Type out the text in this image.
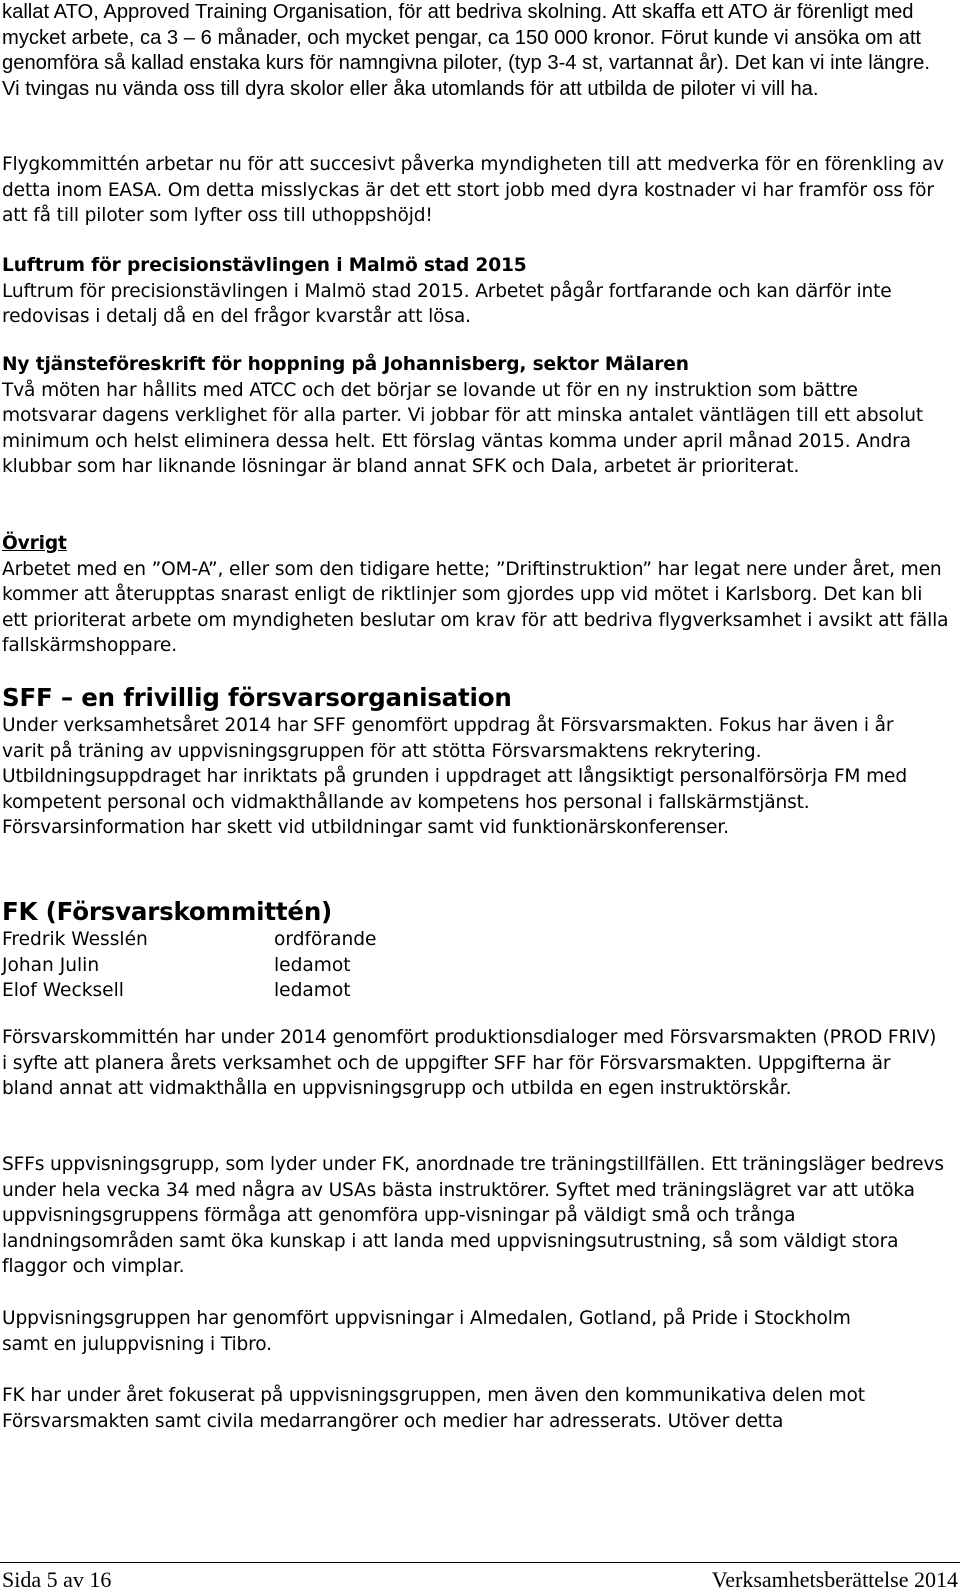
kallat ATO, Approved Training Organisation, för att bedriva skolning. Att skaffa ett ATO är förenligt med mycket arbete, ca 3 – 6 månader, och mycket pengar, ca 150 000 kronor. Förut kunde vi ansöka om att genomföra så kallad enstaka kurs för namngivna piloter, (typ 3-4 st, vartannat år). Det kan vi inte längre. Vi tvingas nu vända oss till dyra skolor eller åka utomlands för att utbilda de piloter vi vill ha.

Flygkommittén arbetar nu för att succesivt påverka myndigheten till att medverka för en förenkling av detta inom EASA. Om detta misslyckas är det ett stort jobb med dyra kostnader vi har framför oss för att få till piloter som lyfter oss till uthoppshöjd!

Luftrum för precisionstävlingen i Malmö stad 2015

Luftrum för precisionstävlingen i Malmö stad 2015. Arbetet pågår fortfarande och kan därför inte redovisas i detalj då en del frågor kvarstår att lösa.

Ny tjänsteföreskrift för hoppning på Johannisberg, sektor Mälaren

Två möten har hållits med ATCC och det börjar se lovande ut för en ny instruktion som bättre motsvarar dagens verklighet för alla parter. Vi jobbar för att minska antalet väntlägen till ett absolut minimum och helst eliminera dessa helt. Ett förslag väntas komma under april månad 2015. Andra klubbar som har liknande lösningar är bland annat SFK och Dala, arbetet är prioriterat.

Övrigt

Arbetet med en ”OM-A”, eller som den tidigare hette; ”Driftinstruktion” har legat nere under året, men kommer att återupptas snarast enligt de riktlinjer som gjordes upp vid mötet i Karlsborg. Det kan bli ett prioriterat arbete om myndigheten beslutar om krav för att bedriva flygverksamhet i avsikt att fälla fallskärmshoppare.

SFF – en frivillig försvarsorganisation

Under verksamhetsåret 2014 har SFF genomfört uppdrag åt Försvarsmakten. Fokus har även i år varit på träning av uppvisningsgruppen för att stötta Försvarsmaktens rekrytering. Utbildningsuppdraget har inriktats på grunden i uppdraget att långsiktigt personalförsörja FM med kompetent personal och vidmakthållande av kompetens hos personal i fallskärmstjänst. Försvarsinformation har skett vid utbildningar samt vid funktionärskonferenser.

FK (Försvarskommittén)

Fredrik Wesslén	ordförande
Johan Julin	ledamot
Elof Wecksell	ledamot

Försvarskommittén har under 2014 genomfört produktionsdialoger med Försvarsmakten (PROD FRIV) i syfte att planera årets verksamhet och de uppgifter SFF har för Försvarsmakten. Uppgifterna är bland annat att vidmakthålla en uppvisningsgrupp och utbilda en egen instruktörskår.

SFFs uppvisningsgrupp, som lyder under FK, anordnade tre träningstillfällen. Ett träningsläger bedrevs under hela vecka 34 med några av USAs bästa instruktörer. Syftet med träningslägret var att utöka uppvisningsgruppens förmåga att genomföra upp-visningar på väldigt små och trånga landningsområden samt öka kunskap i att landa med uppvisningsutrustning, så som väldigt stora flaggor och vimplar.

Uppvisningsgruppen har genomfört uppvisningar i Almedalen, Gotland, på Pride i Stockholm samt en juluppvisning i Tibro.

FK har under året fokuserat på uppvisningsgruppen, men även den kommunikativa delen mot Försvarsmakten samt civila medarrangörer och medier har adresserats. Utöver detta

Sida 5 av 16	Verksamhetsberättelse 2014
